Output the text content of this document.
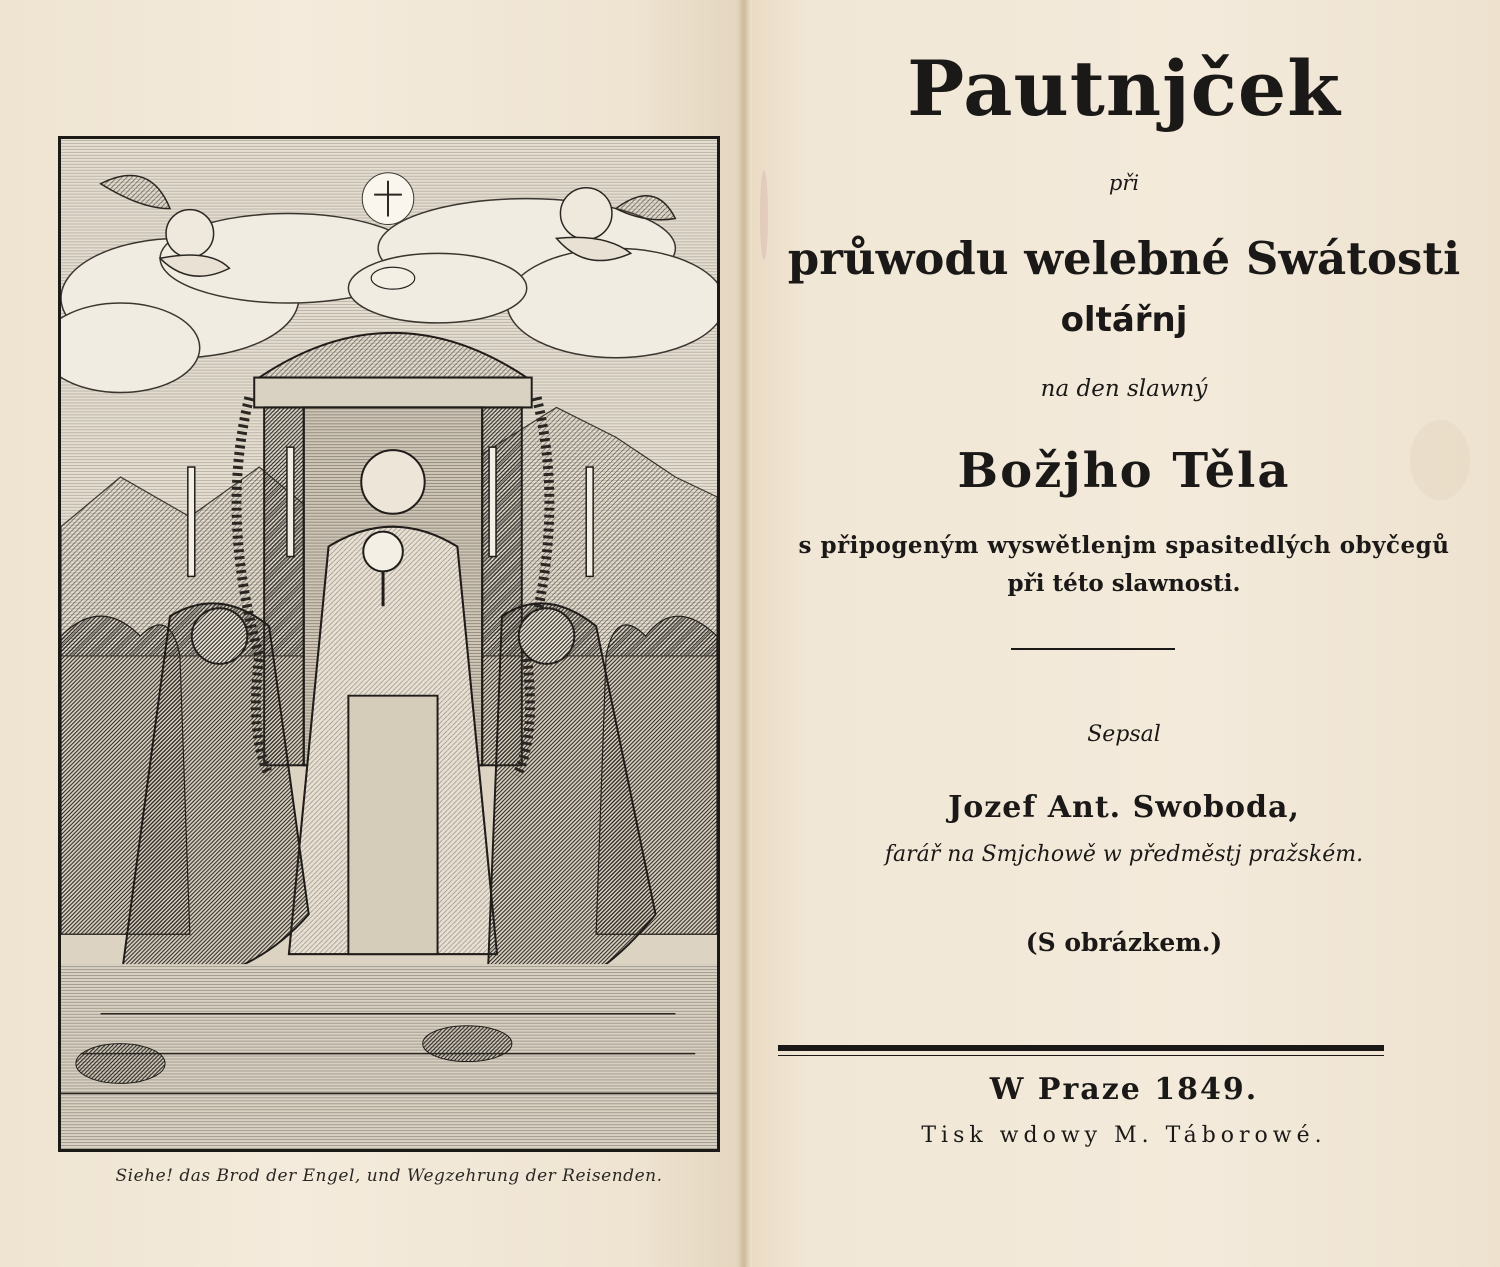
Siehe! das Brod der Engel, und Wegzehrung der Reisenden.
Pautnjček
při
průwodu welebné Swátosti
oltářnj
na den slawný
Božjho Těla
s připogeným wyswětlenjm spasitedlých obyčegů
při této slawnosti.
Sepsal
Jozef Ant. Swoboda,
farář na Smjchowě w předměstj pražském.
(S obrázkem.)
W Praze 1849.
Tisk wdowy M. Táborowé.
